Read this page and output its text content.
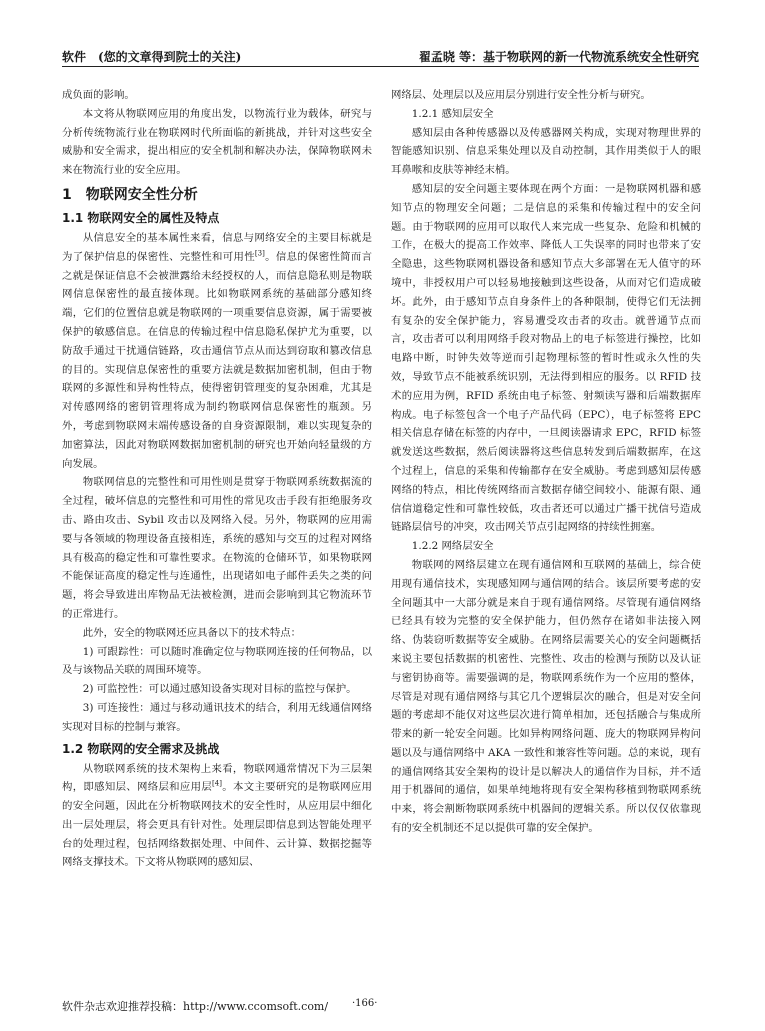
软件　(您的文章得到院士的关注)	翟孟晓 等：基于物联网的新一代物流系统安全性研究

成负面的影响。

本文将从物联网应用的角度出发，以物流行业为载体，研究与分析传统物流行业在物联网时代所面临的新挑战，并针对这些安全威胁和安全需求，提出相应的安全机制和解决办法，保障物联网未来在物流行业的安全应用。

1　物联网安全性分析
1.1 物联网安全的属性及特点

从信息安全的基本属性来看，信息与网络安全的主要目标就是为了保护信息的保密性、完整性和可用性[3]。信息的保密性简而言之就是保证信息不会被泄露给未经授权的人，而信息隐私则是物联网信息保密性的最直接体现。比如物联网系统的基础部分感知终端，它们的位置信息就是物联网的一项重要信息资源，属于需要被保护的敏感信息。在信息的传输过程中信息隐私保护尤为重要，以防敌手通过干扰通信链路，攻击通信节点从而达到窃取和篡改信息的目的。实现信息保密性的重要方法就是数据加密机制，但由于物联网的多源性和异构性特点，使得密钥管理变的复杂困难，尤其是对传感网络的密钥管理将成为制约物联网信息保密性的瓶颈。另外，考虑到物联网末端传感设备的自身资源限制，难以实现复杂的加密算法，因此对物联网数据加密机制的研究也开始向轻量级的方向发展。

物联网信息的完整性和可用性则是贯穿于物联网系统数据流的全过程，破坏信息的完整性和可用性的常见攻击手段有拒绝服务攻击、路由攻击、Sybil 攻击以及网络入侵。另外，物联网的应用需要与各领域的物理设备直接相连，系统的感知与交互的过程对网络具有极高的稳定性和可靠性要求。在物流的仓储环节，如果物联网不能保证高度的稳定性与连通性，出现诸如电子邮件丢失之类的问题，将会导致进出库物品无法被检测，进而会影响到其它物流环节的正常进行。

此外，安全的物联网还应具备以下的技术特点：

1) 可跟踪性：可以随时准确定位与物联网连接的任何物品，以及与该物品关联的周围环境等。

2) 可监控性：可以通过感知设备实现对目标的监控与保护。

3) 可连接性：通过与移动通讯技术的结合，利用无线通信网络实现对目标的控制与兼容。

1.2 物联网的安全需求及挑战

从物联网系统的技术架构上来看，物联网通常情况下为三层架构，即感知层、网络层和应用层[4]。本文主要研究的是物联网应用的安全问题，因此在分析物联网技术的安全性时，从应用层中细化出一层处理层，将会更具有针对性。处理层即信息到达智能处理平台的处理过程，包括网络数据处理、中间件、云计算、数据挖掘等网络支撑技术。下文将从物联网的感知层、

网络层、处理层以及应用层分别进行安全性分析与研究。

1.2.1 感知层安全

感知层由各种传感器以及传感器网关构成，实现对物理世界的智能感知识别、信息采集处理以及自动控制，其作用类似于人的眼耳鼻喉和皮肤等神经末梢。

感知层的安全问题主要体现在两个方面：一是物联网机器和感知节点的物理安全问题；二是信息的采集和传输过程中的安全问题。由于物联网的应用可以取代人来完成一些复杂、危险和机械的工作，在极大的提高工作效率、降低人工失误率的同时也带来了安全隐患，这些物联网机器设备和感知节点大多部署在无人值守的环境中，非授权用户可以轻易地接触到这些设备，从而对它们造成破坏。此外，由于感知节点自身条件上的各种限制，使得它们无法拥有复杂的安全保护能力，容易遭受攻击者的攻击。就普通节点而言，攻击者可以利用网络手段对物品上的电子标签进行操控，比如电路中断，时钟失效等逆而引起物理标签的暂时性或永久性的失效，导致节点不能被系统识别，无法得到相应的服务。以 RFID 技术的应用为例，RFID 系统由电子标签、射频读写器和后端数据库构成。电子标签包含一个电子产品代码（EPC），电子标签将 EPC 相关信息存储在标签的内存中，一旦阅读器请求 EPC，RFID 标签就发送这些数据，然后阅读器将这些信息转发到后端数据库，在这个过程上，信息的采集和传输都存在安全威胁。考虑到感知层传感网络的特点，相比传统网络而言数据存储空间较小、能源有限、通信信道稳定性和可靠性较低，攻击者还可以通过广播干扰信号造成链路层信号的冲突，攻击网关节点引起网络的持续性拥塞。

1.2.2 网络层安全

物联网的网络层建立在现有通信网和互联网的基础上，综合使用现有通信技术，实现感知网与通信网的结合。该层所要考虑的安全问题其中一大部分就是来自于现有通信网络。尽管现有通信网络已经具有较为完整的安全保护能力，但仍然存在诸如非法接入网络、伪装窃听数据等安全威胁。在网络层需要关心的安全问题概括来说主要包括数据的机密性、完整性、攻击的检测与预防以及认证与密钥协商等。需要强调的是，物联网系统作为一个应用的整体，尽管是对现有通信网络与其它几个逻辑层次的融合，但是对安全问题的考虑却不能仅对这些层次进行简单相加，还包括融合与集成所带来的新一轮安全问题。比如异构网络问题、庞大的物联网异构问题以及与通信网络中 AKA 一致性和兼容性等问题。总的来说，现有的通信网络其安全架构的设计是以解决人的通信作为目标，并不适用于机器间的通信，如果单纯地将现有安全架构移植到物联网系统中来，将会割断物联网系统中机器间的逻辑关系。所以仅仅依靠现有的安全机制还不足以提供可靠的安全保护。

软件杂志欢迎推荐投稿：http://www.ccomsoft.com/ ·166·
